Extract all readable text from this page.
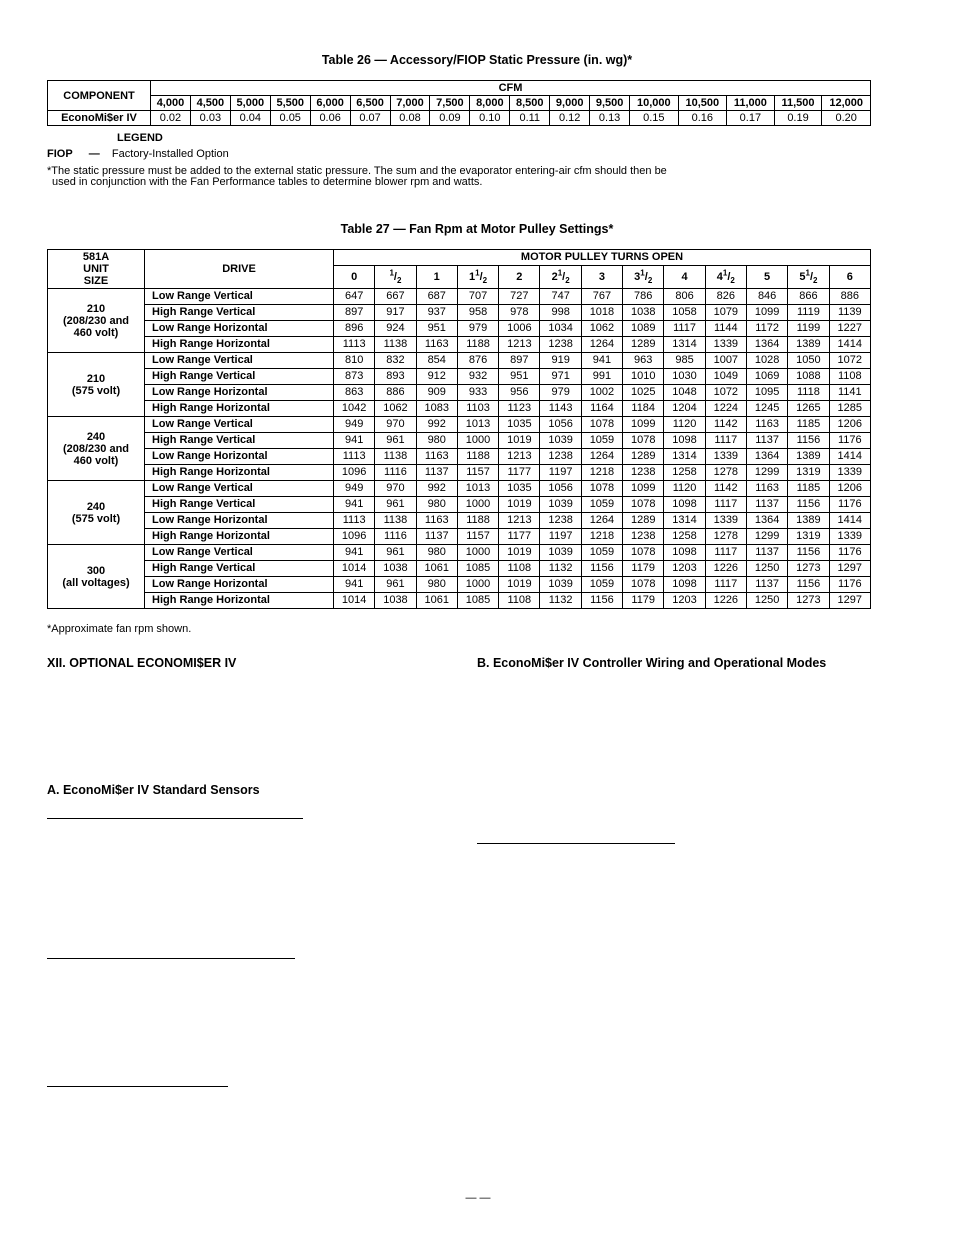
Table 26 — Accessory/FIOP Static Pressure (in. wg)*
COMPONENT	CFM																
	4,000	4,500	5,000	5,500	6,000	6,500	7,000	7,500	8,000	8,500	9,000	9,500	10,000	10,500	11,000	11,500	12,000
EconoMi$er IV	0.02	0.03	0.04	0.05	0.06	0.07	0.08	0.09	0.10	0.11	0.12	0.13	0.15	0.16	0.17	0.19	0.20
LEGEND
FIOP — Factory-Installed Option
*The static pressure must be added to the external static pressure. The sum and the evaporator entering-air cfm should then be
used in conjunction with the Fan Performance tables to determine blower rpm and watts.
Table 27 — Fan Rpm at Motor Pulley Settings*
581A
UNIT
SIZE	DRIVE	MOTOR PULLEY TURNS OPEN												
		0	$^1/_2$	1	$1^1/_2$	2	$2^1/_2$	3	$3^1/_2$	4	$4^1/_2$	5	$5^1/_2$	6

210
(208/230 and
460 volt)	Low Range Vertical	647	667	687	707	727	747	767	786	806	826	846	866	886
	High Range Vertical	897	917	937	958	978	998	1018	1038	1058	1079	1099	1119	1139
	Low Range Horizontal	896	924	951	979	1006	1034	1062	1089	1117	1144	1172	1199	1227
	High Range Horizontal	1113	1138	1163	1188	1213	1238	1264	1289	1314	1339	1364	1389	1414

210
(575 volt)	Low Range Vertical	810	832	854	876	897	919	941	963	985	1007	1028	1050	1072
	High Range Vertical	873	893	912	932	951	971	991	1010	1030	1049	1069	1088	1108
	Low Range Horizontal	863	886	909	933	956	979	1002	1025	1048	1072	1095	1118	1141
	High Range Horizontal	1042	1062	1083	1103	1123	1143	1164	1184	1204	1224	1245	1265	1285

240
(208/230 and
460 volt)	Low Range Vertical	949	970	992	1013	1035	1056	1078	1099	1120	1142	1163	1185	1206
	High Range Vertical	941	961	980	1000	1019	1039	1059	1078	1098	1117	1137	1156	1176
	Low Range Horizontal	1113	1138	1163	1188	1213	1238	1264	1289	1314	1339	1364	1389	1414
	High Range Horizontal	1096	1116	1137	1157	1177	1197	1218	1238	1258	1278	1299	1319	1339

240
(575 volt)	Low Range Vertical	949	970	992	1013	1035	1056	1078	1099	1120	1142	1163	1185	1206
	High Range Vertical	941	961	980	1000	1019	1039	1059	1078	1098	1117	1137	1156	1176
	Low Range Horizontal	1113	1138	1163	1188	1213	1238	1264	1289	1314	1339	1364	1389	1414
	High Range Horizontal	1096	1116	1137	1157	1177	1197	1218	1238	1258	1278	1299	1319	1339

300
(all voltages)	Low Range Vertical	941	961	980	1000	1019	1039	1059	1078	1098	1117	1137	1156	1176
	High Range Vertical	1014	1038	1061	1085	1108	1132	1156	1179	1203	1226	1250	1273	1297
	Low Range Horizontal	941	961	980	1000	1019	1039	1059	1078	1098	1117	1137	1156	1176
	High Range Horizontal	1014	1038	1061	1085	1108	1132	1156	1179	1203	1226	1250	1273	1297
*Approximate fan rpm shown.
XII. OPTIONAL ECONOMI$ER IV	B. EconoMi$er IV Controller Wiring and Operational Modes
A. EconoMi$er IV Standard Sensors
— —
